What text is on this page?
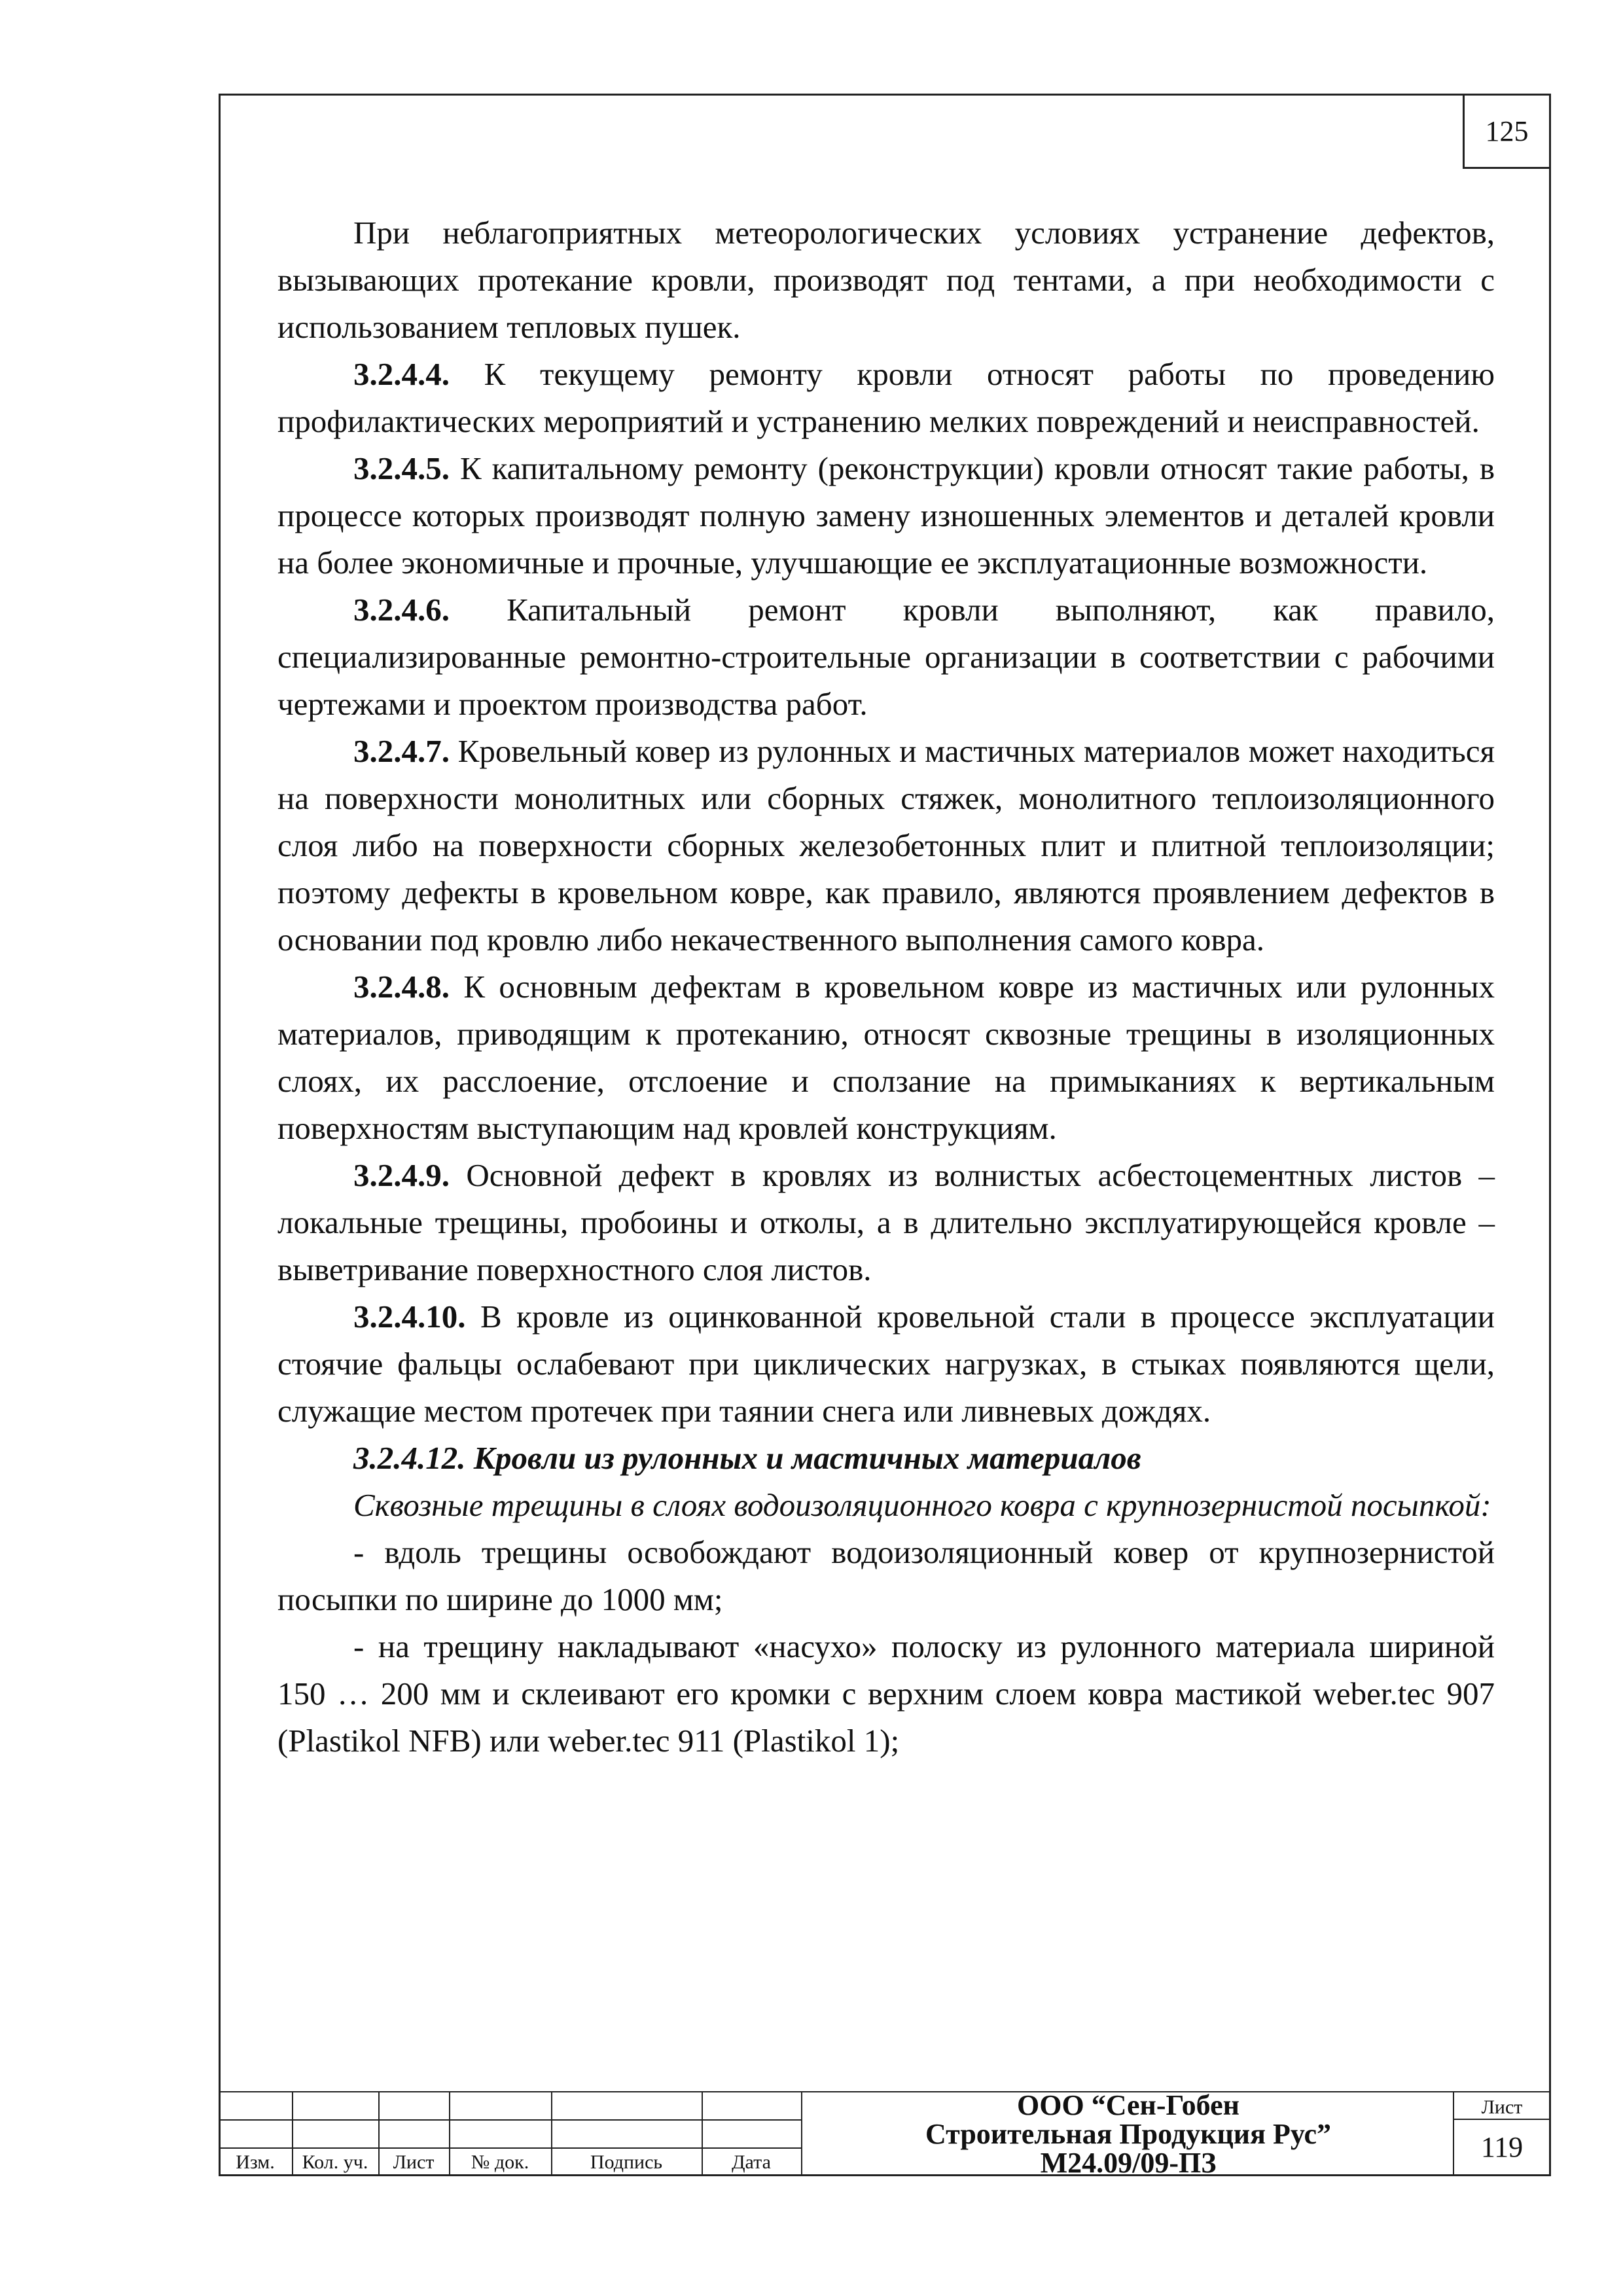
125

При неблагоприятных метеорологических условиях устранение дефектов, вызывающих протекание кровли, производят под тентами, а при необходимости с использованием тепловых пушек.

3.2.4.4. К текущему ремонту кровли относят работы по проведению профилактических мероприятий и устранению мелких повреждений и неисправностей.

3.2.4.5. К капитальному ремонту (реконструкции) кровли относят такие работы, в процессе которых производят полную замену изношенных элементов и деталей кровли на более экономичные и прочные, улучшающие ее эксплуатационные возможности.

3.2.4.6. Капитальный ремонт кровли выполняют, как правило, специализированные ремонтно-строительные организации в соответствии с рабочими чертежами и проектом производства работ.

3.2.4.7. Кровельный ковер из рулонных и мастичных материалов может находиться на поверхности монолитных или сборных стяжек, монолитного теплоизоляционного слоя либо на поверхности сборных железобетонных плит и плитной теплоизоляции; поэтому дефекты в кровельном ковре, как правило, являются проявлением дефектов в основании под кровлю либо некачественного выполнения самого ковра.

3.2.4.8. К основным дефектам в кровельном ковре из мастичных или рулонных материалов, приводящим к протеканию, относят сквозные трещины в изоляционных слоях, их расслоение, отслоение и сползание на примыканиях к вертикальным поверхностям выступающим над кровлей конструкциям.

3.2.4.9. Основной дефект в кровлях из волнистых асбестоцементных листов – локальные трещины, пробоины и отколы, а в длительно эксплуатирующейся кровле – выветривание поверхностного слоя листов.

3.2.4.10. В кровле из оцинкованной кровельной стали в процессе эксплуатации стоячие фальцы ослабевают при циклических нагрузках, в стыках появляются щели, служащие местом протечек при таянии снега или ливневых дождях.

3.2.4.12. Кровли из рулонных и мастичных материалов

Сквозные трещины в слоях водоизоляционного ковра с крупнозернистой посыпкой:

- вдоль трещины освобождают водоизоляционный ковер от крупнозернистой посыпки по ширине до 1000 мм;

- на трещину накладывают «насухо» полоску из рулонного материала шириной 150 … 200 мм и склеивают его кромки с верхним слоем ковра мастикой weber.tec 907 (Plastikol NFB) или weber.tec 911 (Plastikol 1);

Изм.	Кол. уч.	Лист	№ док.	Подпись	Дата
ООО “Сен-Гобен
Строительная Продукция Рус”
М24.09/09-ПЗ
Лист
119
